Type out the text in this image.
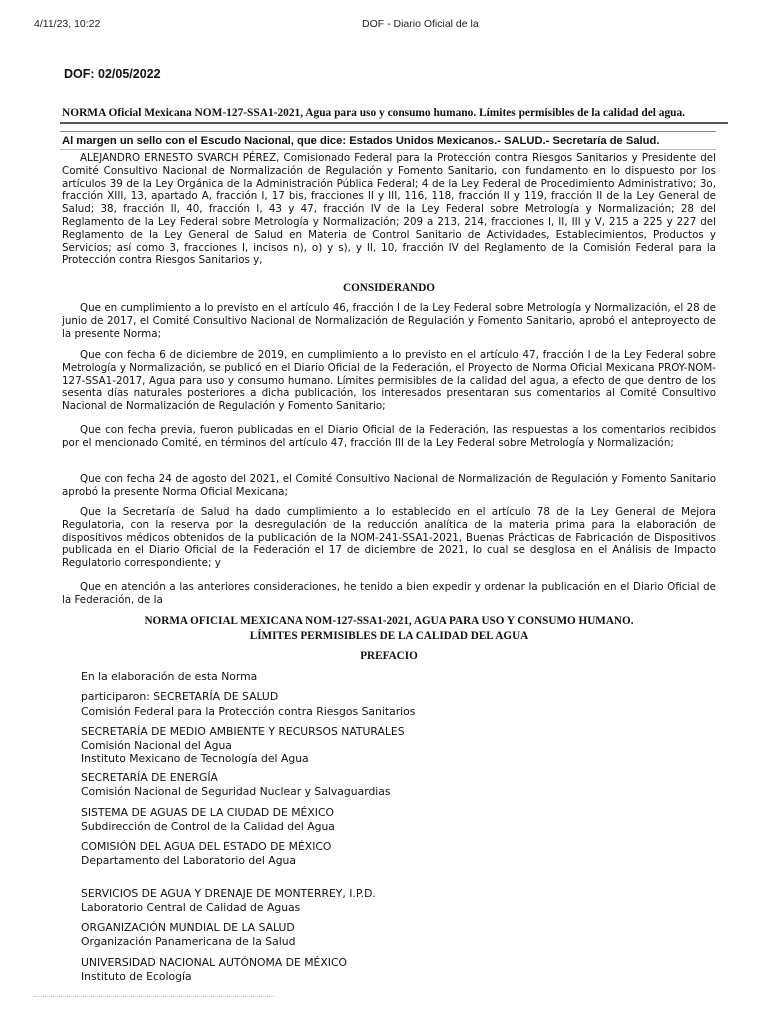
4/11/23, 10:22	DOF - Diario Oficial de la
DOF: 02/05/2022
NORMA Oficial Mexicana NOM-127-SSA1-2021, Agua para uso y consumo humano. Límites permisibles de la calidad del agua.
Al margen un sello con el Escudo Nacional, que dice: Estados Unidos Mexicanos.- SALUD.- Secretaría de Salud.

ALEJANDRO ERNESTO SVARCH PÉREZ, Comisionado Federal para la Protección contra Riesgos Sanitarios y Presidente del Comité Consultivo Nacional de Normalización de Regulación y Fomento Sanitario, con fundamento en lo dispuesto por los artículos 39 de la Ley Orgánica de la Administración Pública Federal; 4 de la Ley Federal de Procedimiento Administrativo; 3o, fracción XIII, 13, apartado A, fracción I, 17 bis, fracciones II y III, 116, 118, fracción II y 119, fracción II de la Ley General de Salud; 38, fracción II, 40, fracción I, 43 y 47, fracción IV de la Ley Federal sobre Metrología y Normalización; 28 del Reglamento de la Ley Federal sobre Metrología y Normalización; 209 a 213, 214, fracciones I, II, III y V, 215 a 225 y 227 del Reglamento de la Ley General de Salud en Materia de Control Sanitario de Actividades, Establecimientos, Productos y Servicios; así como 3, fracciones I, incisos n), o) y s), y II, 10, fracción IV del Reglamento de la Comisión Federal para la Protección contra Riesgos Sanitarios y,

CONSIDERANDO

Que en cumplimiento a lo previsto en el artículo 46, fracción I de la Ley Federal sobre Metrología y Normalización, el 28 de junio de 2017, el Comité Consultivo Nacional de Normalización de Regulación y Fomento Sanitario, aprobó el anteproyecto de la presente Norma;

Que con fecha 6 de diciembre de 2019, en cumplimiento a lo previsto en el artículo 47, fracción I de la Ley Federal sobre Metrología y Normalización, se publicó en el Diario Oficial de la Federación, el Proyecto de Norma Oficial Mexicana PROY-NOM- 127-SSA1-2017, Agua para uso y consumo humano. Límites permisibles de la calidad del agua, a efecto de que dentro de los sesenta días naturales posteriores a dicha publicación, los interesados presentaran sus comentarios al Comité Consultivo Nacional de Normalización de Regulación y Fomento Sanitario;

Que con fecha previa, fueron publicadas en el Diario Oficial de la Federación, las respuestas a los comentarios recibidos por el mencionado Comité, en términos del artículo 47, fracción III de la Ley Federal sobre Metrología y Normalización;

Que con fecha 24 de agosto del 2021, el Comité Consultivo Nacional de Normalización de Regulación y Fomento Sanitario aprobó la presente Norma Oficial Mexicana;

Que la Secretaría de Salud ha dado cumplimiento a lo establecido en el artículo 78 de la Ley General de Mejora Regulatoria, con la reserva por la desregulación de la reducción analítica de la materia prima para la elaboración de dispositivos médicos obtenidos de la publicación de la NOM-241-SSA1-2021, Buenas Prácticas de Fabricación de Dispositivos publicada en el Diario Oficial de la Federación el 17 de diciembre de 2021, lo cual se desglosa en el Análisis de Impacto Regulatorio correspondiente; y

Que en atención a las anteriores consideraciones, he tenido a bien expedir y ordenar la publicación en el Diario Oficial de la Federación, de la

NORMA OFICIAL MEXICANA NOM-127-SSA1-2021, AGUA PARA USO Y CONSUMO HUMANO.
LÍMITES PERMISIBLES DE LA CALIDAD DEL AGUA
PREFACIO
En la elaboración de esta Norma
participaron: SECRETARÍA DE SALUD
Comisión Federal para la Protección contra Riesgos Sanitarios
SECRETARÍA DE MEDIO AMBIENTE Y RECURSOS NATURALES
Comisión Nacional del Agua
Instituto Mexicano de Tecnología del Agua
SECRETARÍA DE ENERGÍA
Comisión Nacional de Seguridad Nuclear y Salvaguardias
SISTEMA DE AGUAS DE LA CIUDAD DE MÉXICO
Subdirección de Control de la Calidad del Agua
COMISIÓN DEL AGUA DEL ESTADO DE MÉXICO
Departamento del Laboratorio del Agua
SERVICIOS DE AGUA Y DRENAJE DE MONTERREY, I.P.D.
Laboratorio Central de Calidad de Aguas
ORGANIZACIÓN MUNDIAL DE LA SALUD
Organización Panamericana de la Salud
UNIVERSIDAD NACIONAL AUTÓNOMA DE MÉXICO
Instituto de Ecología
